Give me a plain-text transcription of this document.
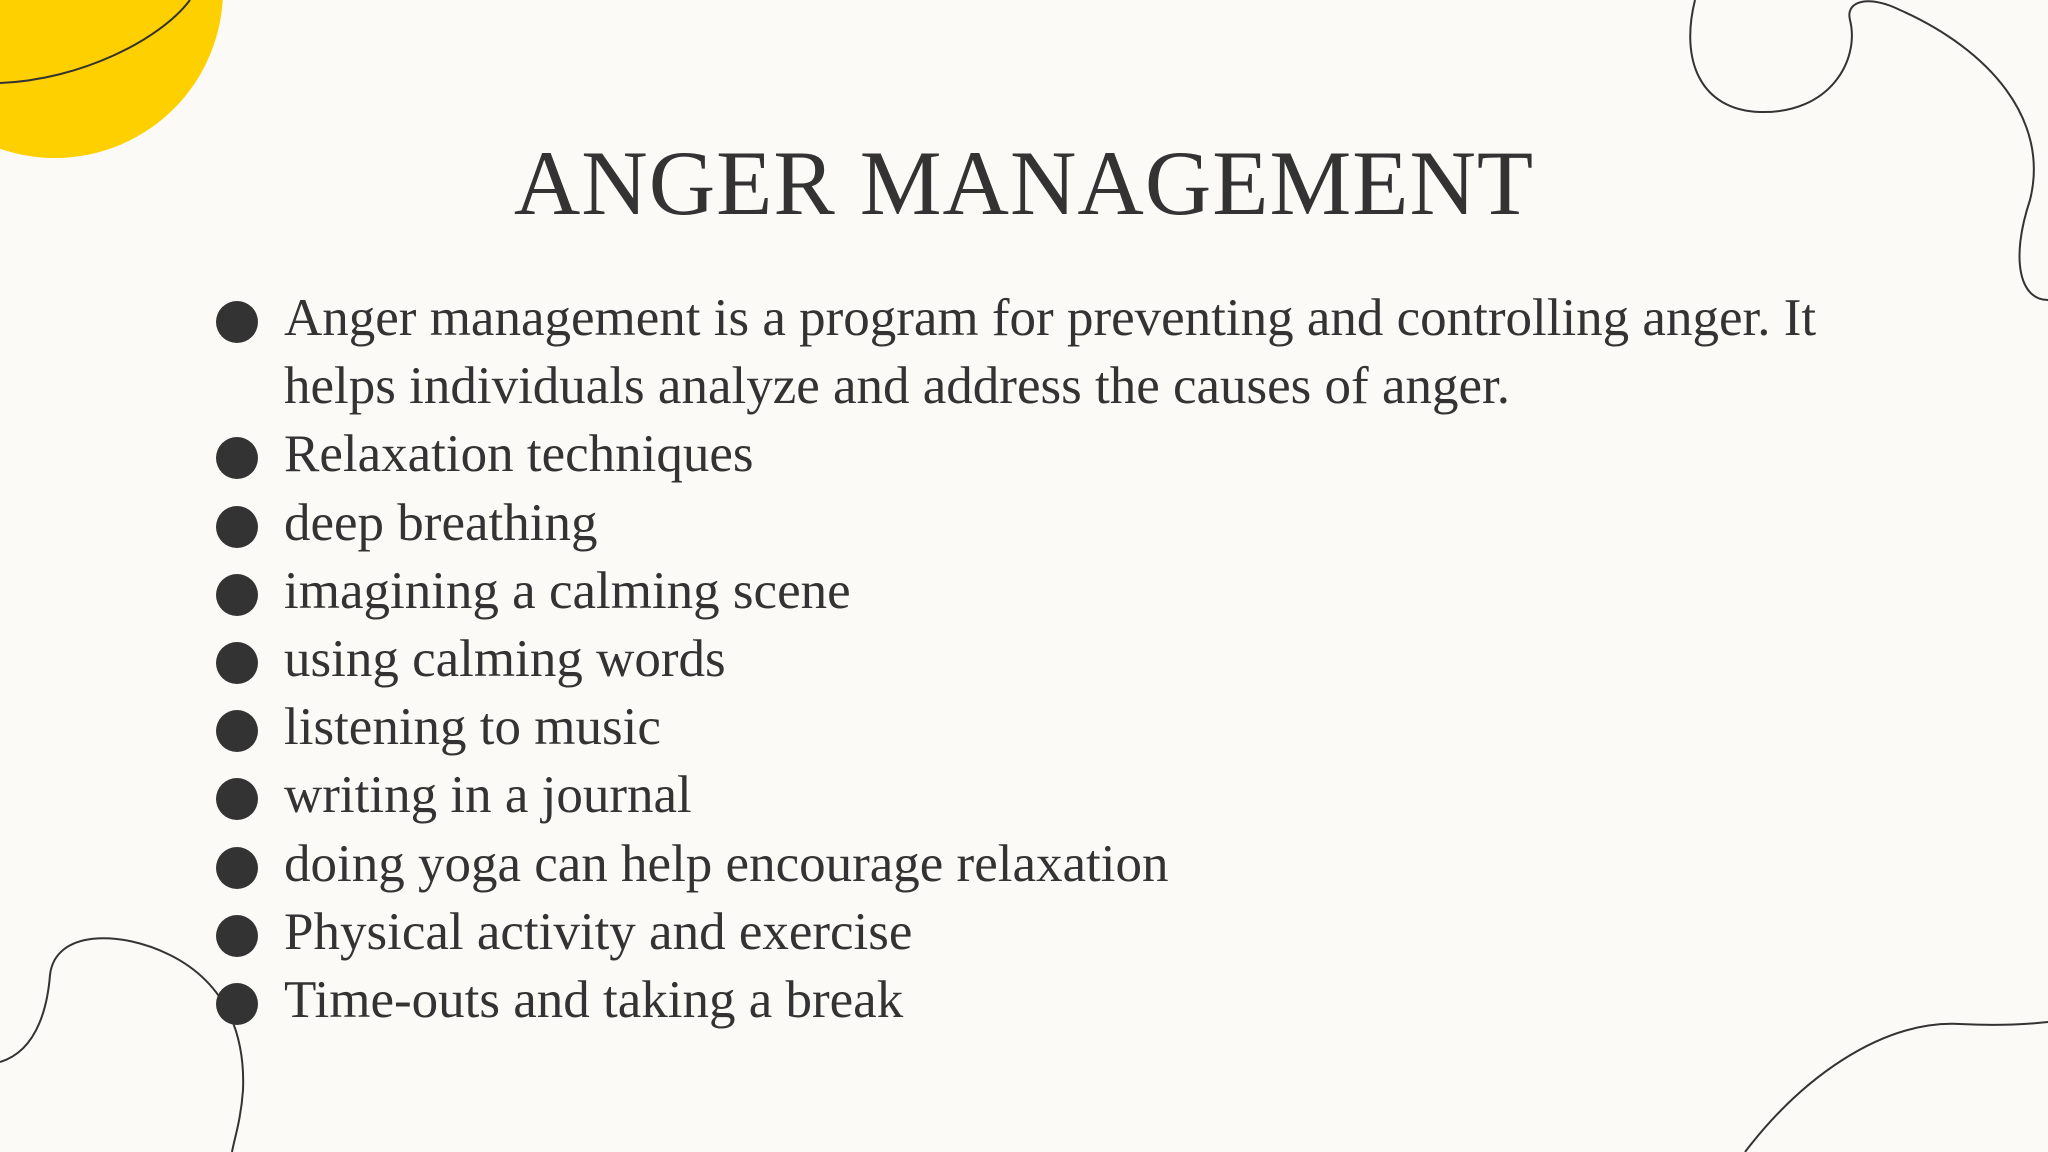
ANGER MANAGEMENT
Anger management is a program for preventing and controlling anger. It helps individuals analyze and address the causes of anger.
Relaxation techniques
deep breathing
imagining a calming scene
using calming words
listening to music
writing in a journal
doing yoga can help encourage relaxation
Physical activity and exercise
Time-outs and taking a break
